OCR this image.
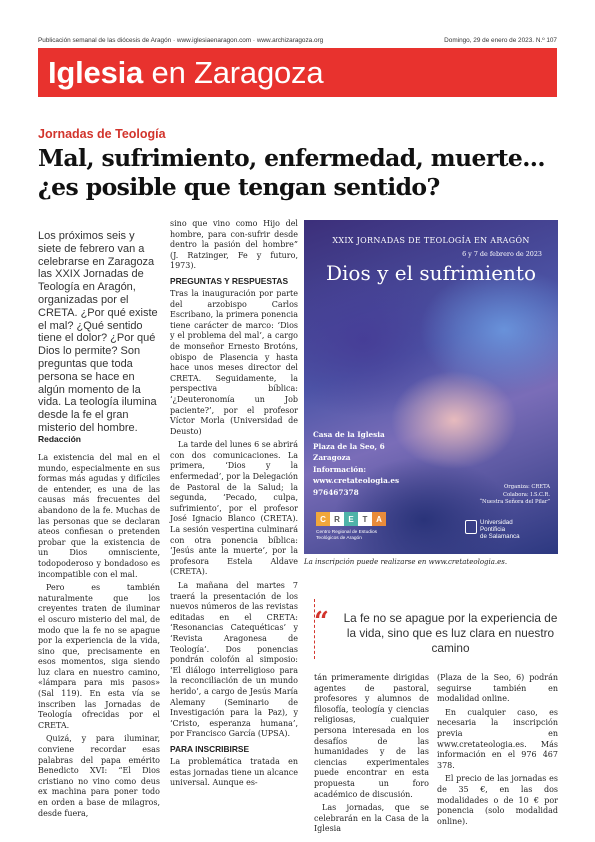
Publicación semanal de las diócesis de Aragón · www.iglesiaenaragon.com · www.archizaragoza.org	Domingo, 29 de enero de 2023. N.º 107
Iglesia en Zaragoza
Jornadas de Teología
Mal, sufrimiento, enfermedad, muerte... ¿es posible que tengan sentido?
Los próximos seis y siete de febrero van a celebrarse en Zaragoza las XXIX Jornadas de Teología en Aragón, organizadas por el CRETA. ¿Por qué existe el mal? ¿Qué sentido tiene el dolor? ¿Por qué Dios lo permite? Son preguntas que toda persona se hace en algún momento de la vida. La teología ilumina desde la fe el gran misterio del hombre.
Redacción

La existencia del mal en el mundo, especialmente en sus formas más agudas y difíciles de entender, es una de las causas más frecuentes del abandono de la fe. Muchas de las personas que se declaran ateos confiesan o pretenden probar que la existencia de un Dios omnisciente, todopoderoso y bondadoso es incompatible con el mal.

Pero es también naturalmente que los creyentes traten de iluminar el oscuro misterio del mal, de modo que la fe no se apague por la experiencia de la vida, sino que, precisamente en esos momentos, siga siendo luz clara en nuestro camino, «lámpara para mis pasos» (Sal 119). En esta vía se inscriben las Jornadas de Teología ofrecidas por el CRETA.

Quizá, y para iluminar, conviene recordar esas palabras del papa emérito Benedicto XVI: “El Dios cristiano no vino como deus ex machina para poner todo en orden a base de milagros, desde fuera,

sino que vino como Hijo del hombre, para con-sufrir desde dentro la pasión del hombre” (J. Ratzinger, Fe y futuro, 1973).

PREGUNTAS Y RESPUESTAS

Tras la inauguración por parte del arzobispo Carlos Escribano, la primera ponencia tiene carácter de marco: ‘Dios y el problema del mal’, a cargo de monseñor Ernesto Brotóns, obispo de Plasencia y hasta hace unos meses director del CRETA. Seguidamente, la perspectiva bíblica: ‘¿Deuteronomía un Job paciente?’, por el profesor Víctor Morla (Universidad de Deusto)

La tarde del lunes 6 se abrirá con dos comunicaciones. La primera, ‘Dios y la enfermedad’, por la Delegación de Pastoral de la Salud; la segunda, ‘Pecado, culpa, sufrimiento’, por el profesor José Ignacio Blanco (CRETA). La sesión vespertina culminará con otra ponencia bíblica: ‘Jesús ante la muerte’, por la profesora Estela Aldave (CRETA).

La mañana del martes 7 traerá la presentación de los nuevos números de las revistas editadas en el CRETA: ‘Resonancias Catequéticas’ y ‘Revista Aragonesa de Teología’. Dos ponencias pondrán colofón al simposio: ‘El diálogo interreligioso para la reconciliación de un mundo herido’, a cargo de Jesús María Alemany (Seminario de Investigación para la Paz), y ‘Cristo, esperanza humana’, por Francisco García (UPSA).

PARA INSCRIBIRSE

La problemática tratada en estas jornadas tiene un alcance universal. Aunque es-

XXIX JORNADAS DE TEOLOGÍA EN ARAGÓN
6 y 7 de febrero de 2023
Dios y el sufrimiento
Casa de la Iglesia
Plaza de la Seo, 6
Zaragoza
Información:
www.cretateologia.es
976467378
Organiza: CRETA
Colabora: I.S.C.R.
“Nuestra Señora del Pilar”
C	R	E	T	A
Centro Regional de Estudios
Teológicos de Aragón
Universidad
Pontificia
de Salamanca
La inscripción puede realizarse en www.cretateologia.es.
“ La fe no se apague por la experiencia de la vida, sino que es luz clara en nuestro camino

tán primeramente dirigidas agentes de pastoral, profesores y alumnos de filosofía, teología y ciencias religiosas, cualquier persona interesada en los desafíos de las humanidades y de las ciencias experimentales puede encontrar en esta propuesta un foro académico de discusión.

Las jornadas, que se celebrarán en la Casa de la Iglesia

(Plaza de la Seo, 6) podrán seguirse también en modalidad online.

En cualquier caso, es necesaria la inscripción previa en www.cretateologia.es. Más información en el 976 467 378.

El precio de las jornadas es de 35 €, en las dos modalidades o de 10 € por ponencia (solo modalidad online).
